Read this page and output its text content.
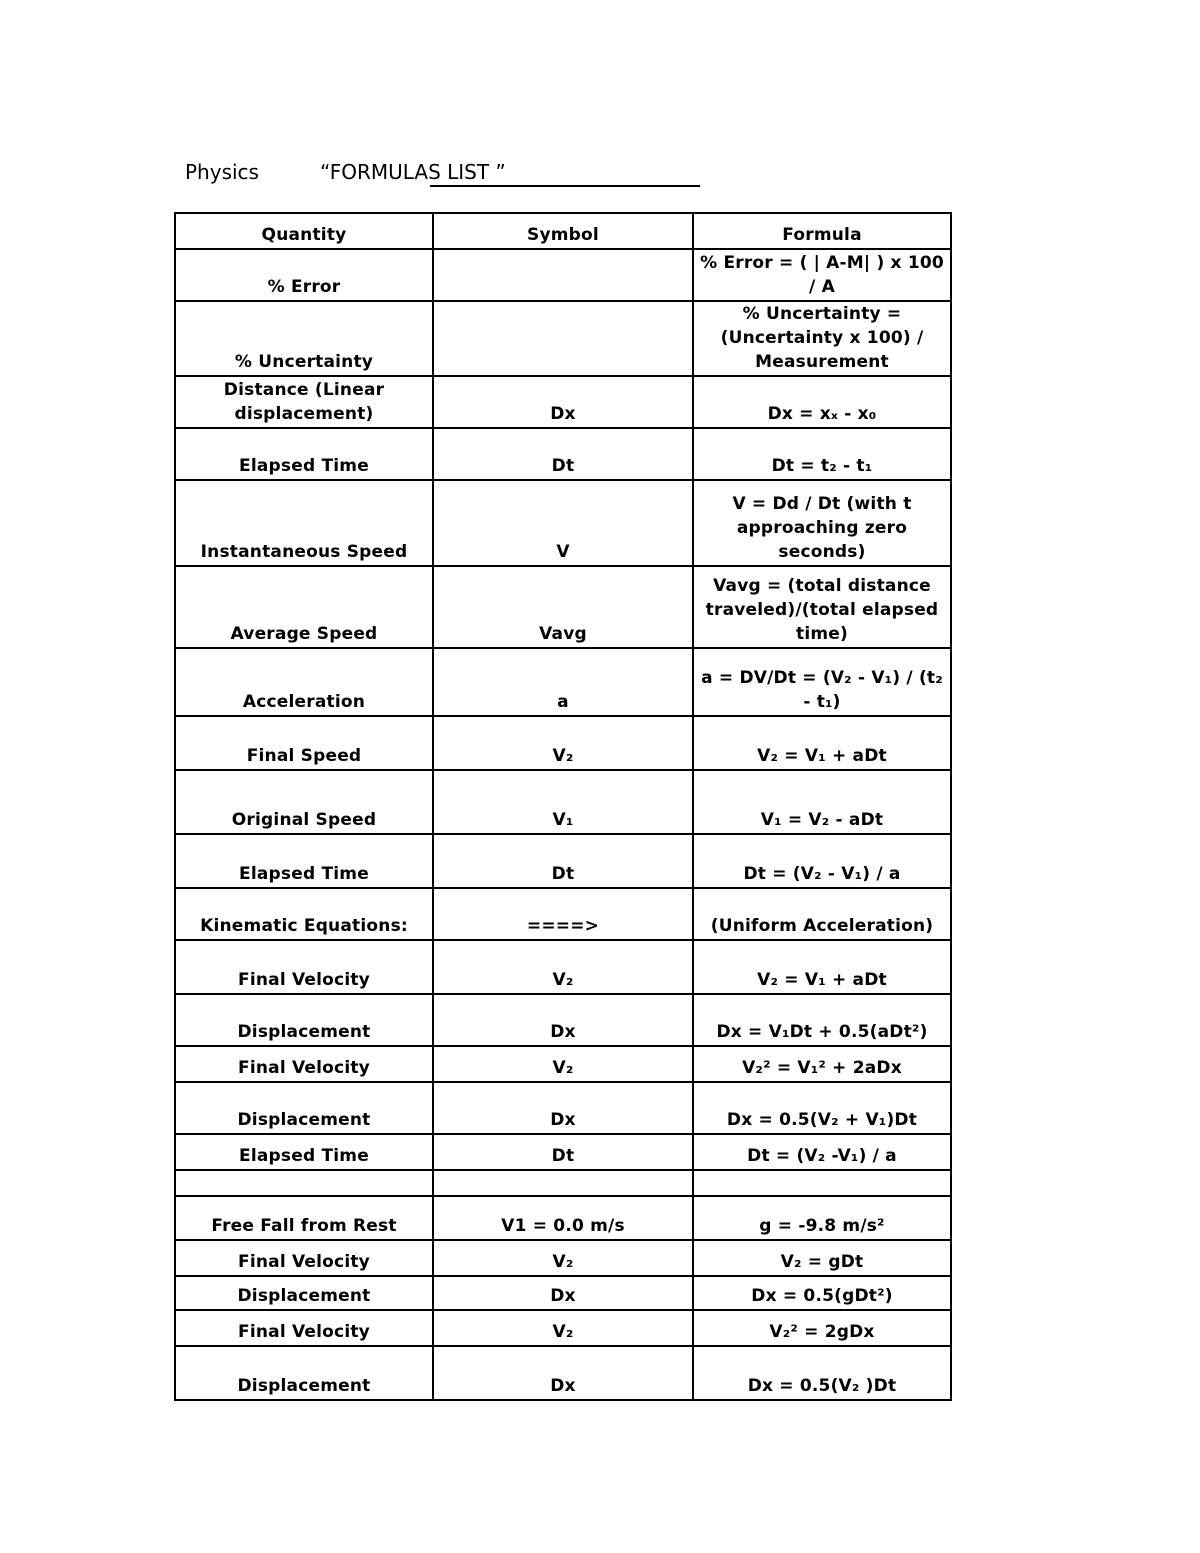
Physics	“FORMULAS LIST ”
Quantity	Symbol	Formula
% Error		% Error = ( | A-M| ) x 100 / A
% Uncertainty		% Uncertainty = (Uncertainty x 100) / Measurement
Distance (Linear displacement)	Dx	Dx = xₓ - x₀
Elapsed Time	Dt	Dt = t₂ - t₁
Instantaneous Speed	V	V = Dd / Dt (with t approaching zero seconds)
Average Speed	Vavg	Vavg = (total distance traveled)/(total elapsed time)
Acceleration	a	a = DV/Dt = (V₂ - V₁) / (t₂ - t₁)
Final Speed	V₂	V₂ = V₁ + aDt
Original Speed	V₁	V₁ = V₂ - aDt
Elapsed Time	Dt	Dt = (V₂ - V₁) / a
Kinematic Equations:	====>	(Uniform Acceleration)
Final Velocity	V₂	V₂ = V₁ + aDt
Displacement	Dx	Dx = V₁Dt + 0.5(aDt²)
Final Velocity	V₂	V₂² = V₁² + 2aDx
Displacement	Dx	Dx = 0.5(V₂ + V₁)Dt
Elapsed Time	Dt	Dt = (V₂ -V₁) / a

Free Fall from Rest	V1 = 0.0 m/s	g = -9.8 m/s²
Final Velocity	V₂	V₂ = gDt
Displacement	Dx	Dx = 0.5(gDt²)
Final Velocity	V₂	V₂² = 2gDx
Displacement	Dx	Dx = 0.5(V₂ )Dt
